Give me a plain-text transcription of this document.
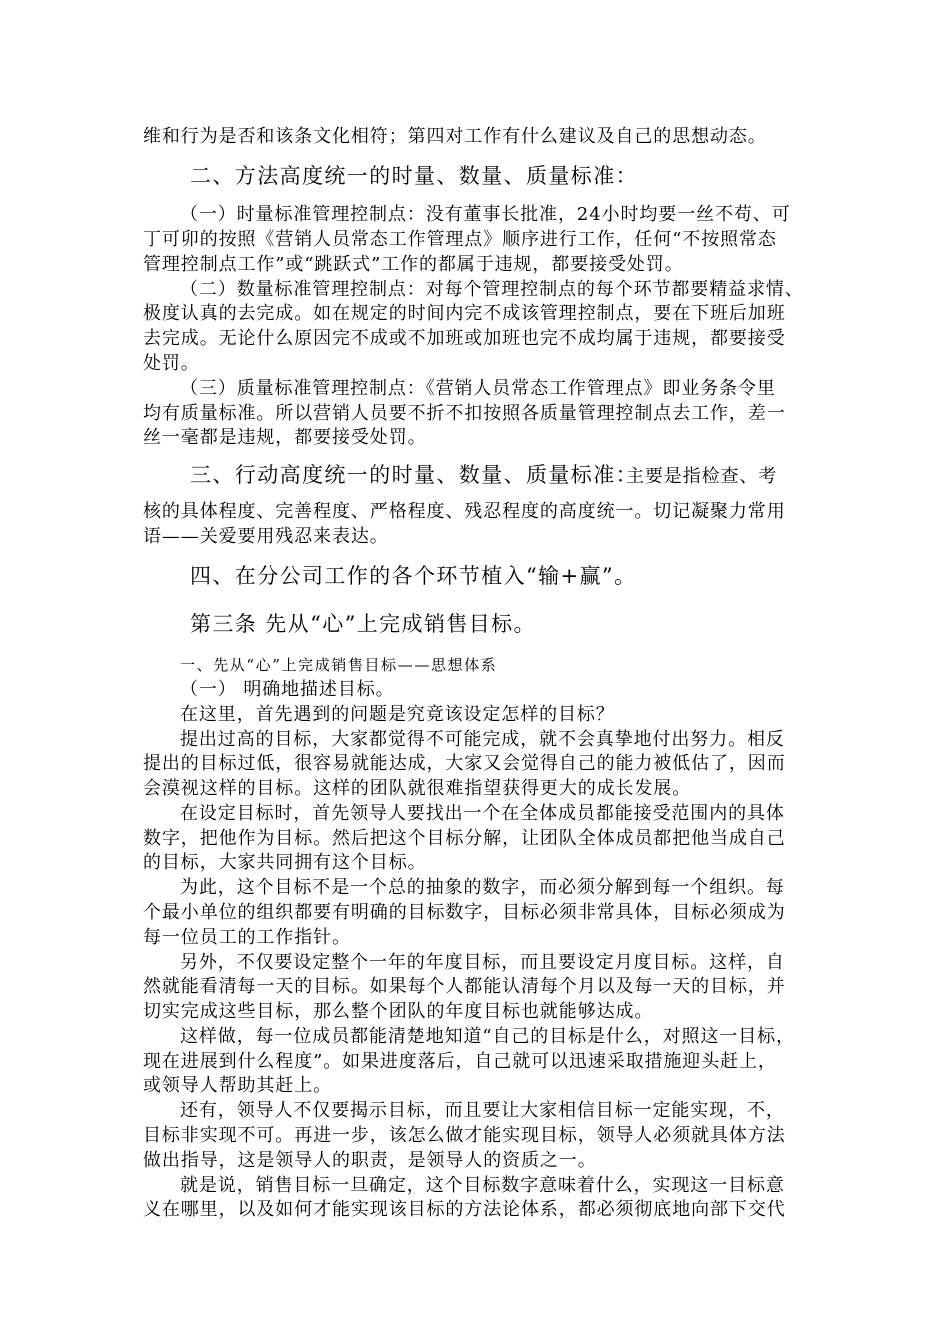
维和行为是否和该条文化相符；第四对工作有什么建议及自己的思想动态。
二、方法高度统一的时量、数量、质量标准：
（一）时量标准管理控制点：没有董事长批准，24小时均要一丝不苟、可
丁可卯的按照《营销人员常态工作管理点》顺序进行工作，任何“不按照常态
管理控制点工作”或“跳跃式”工作的都属于违规，都要接受处罚。
（二）数量标准管理控制点：对每个管理控制点的每个环节都要精益求情、
极度认真的去完成。如在规定的时间内完不成该管理控制点，要在下班后加班
去完成。无论什么原因完不成或不加班或加班也完不成均属于违规，都要接受
处罚。
（三）质量标准管理控制点：《营销人员常态工作管理点》即业务条令里
均有质量标准。所以营销人员要不折不扣按照各质量管理控制点去工作，差一
丝一毫都是违规，都要接受处罚。
三、行动高度统一的时量、数量、质量标准：
主要是指检查、考
核的具体程度、完善程度、严格程度、残忍程度的高度统一。切记凝聚力常用
语——关爱要用残忍来表达。
四、在分公司工作的各个环节植入“输+赢”。
第三条 先从“心”上完成销售目标。
一、先从“心”上完成销售目标——思想体系
（一） 明确地描述目标。
在这里，首先遇到的问题是究竟该设定怎样的目标？
提出过高的目标，大家都觉得不可能完成，就不会真挚地付出努力。相反
提出的目标过低，很容易就能达成，大家又会觉得自己的能力被低估了，因而
会漠视这样的目标。这样的团队就很难指望获得更大的成长发展。
在设定目标时，首先领导人要找出一个在全体成员都能接受范围内的具体
数字，把他作为目标。然后把这个目标分解，让团队全体成员都把他当成自己
的目标，大家共同拥有这个目标。
为此，这个目标不是一个总的抽象的数字，而必须分解到每一个组织。每
个最小单位的组织都要有明确的目标数字，目标必须非常具体，目标必须成为
每一位员工的工作指针。
另外，不仅要设定整个一年的年度目标，而且要设定月度目标。这样，自
然就能看清每一天的目标。如果每个人都能认清每个月以及每一天的目标，并
切实完成这些目标，那么整个团队的年度目标也就能够达成。
这样做，每一位成员都能清楚地知道“自己的目标是什么，对照这一目标，
现在进展到什么程度”。如果进度落后，自己就可以迅速采取措施迎头赶上，
或领导人帮助其赶上。
还有，领导人不仅要揭示目标，而且要让大家相信目标一定能实现，不，
目标非实现不可。再进一步，该怎么做才能实现目标，领导人必须就具体方法
做出指导，这是领导人的职责，是领导人的资质之一。
就是说，销售目标一旦确定，这个目标数字意味着什么，实现这一目标意
义在哪里，以及如何才能实现该目标的方法论体系，都必须彻底地向部下交代
